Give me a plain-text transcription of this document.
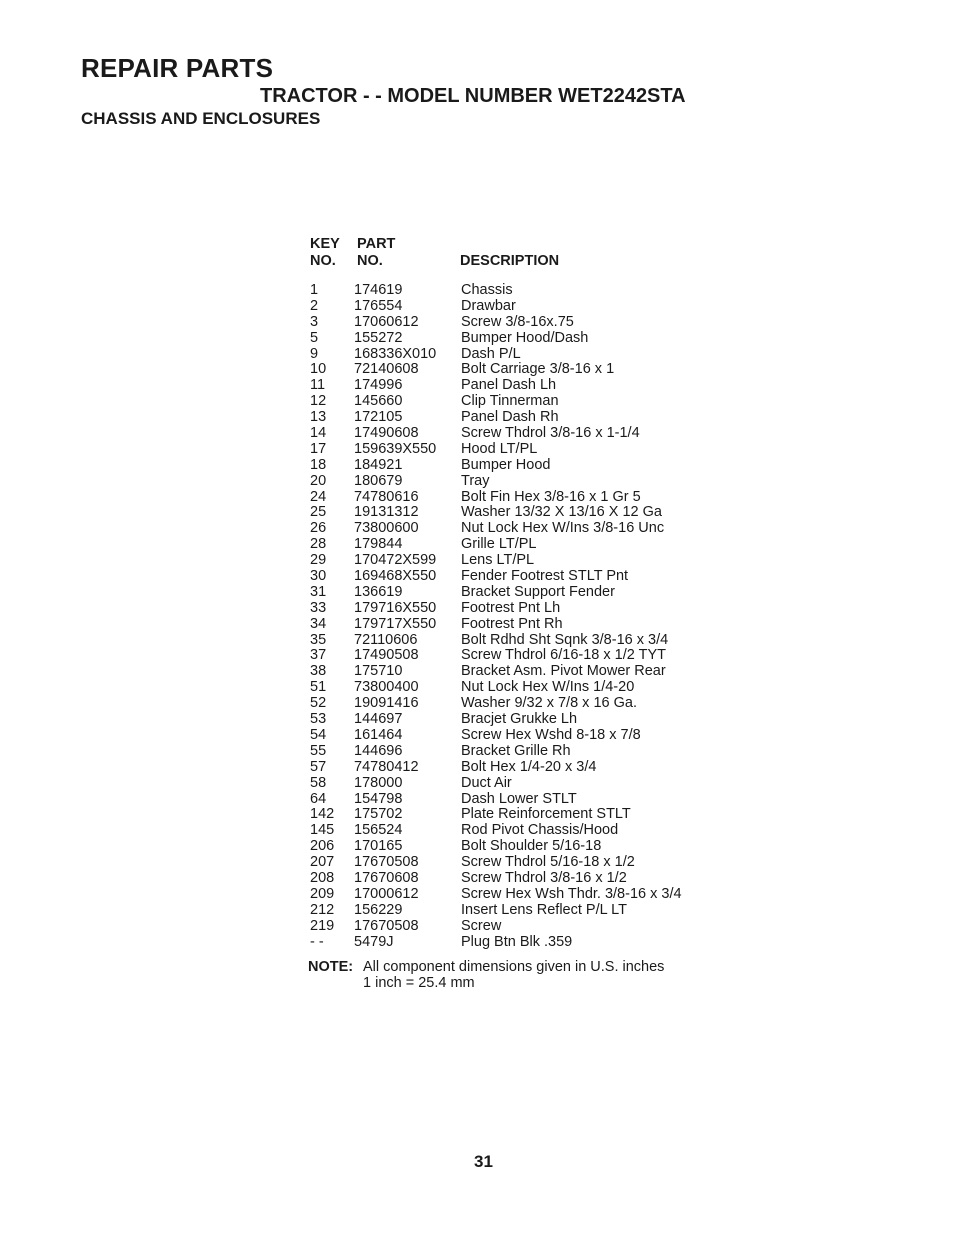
REPAIR PARTS
TRACTOR - - MODEL NUMBER WET2242STA
CHASSIS AND ENCLOSURES
KEY
NO.
PART
NO.	DESCRIPTION
1 174619	Chassis
2 176554	Drawbar
3 17060612	Screw 3/8-16x.75
5 155272	Bumper Hood/Dash
9 168336X010 Dash P/L
10 72140608	Bolt Carriage 3/8-16 x 1
11 174996	Panel Dash Lh
12 145660	Clip Tinnerman
13 172105	Panel Dash Rh
14 17490608	Screw Thdrol 3/8-16 x 1-1/4
17 159639X550 Hood LT/PL
18 184921	Bumper Hood
20 180679	Tray
24 74780616	Bolt Fin Hex 3/8-16 x 1 Gr 5
25 19131312	Washer 13/32 X 13/16 X 12 Ga
26 73800600	Nut Lock Hex W/Ins 3/8-16 Unc
28 179844	Grille LT/PL
29 170472X599 Lens LT/PL
30 169468X550 Fender Footrest STLT Pnt
31 136619	Bracket Support Fender
33 179716X550 Footrest Pnt Lh
34 179717X550 Footrest Pnt Rh
35 72110606	Bolt Rdhd Sht Sqnk 3/8-16 x 3/4
37 17490508	Screw Thdrol 6/16-18 x 1/2 TYT
38 175710	Bracket Asm. Pivot Mower Rear
51 73800400	Nut Lock Hex W/Ins 1/4-20
52 19091416	Washer 9/32 x 7/8 x 16 Ga.
53 144697	Bracjet Grukke Lh
54 161464	Screw Hex Wshd 8-18 x 7/8
55 144696	Bracket Grille Rh
57 74780412	Bolt Hex 1/4-20 x 3/4
58 178000	Duct Air
64 154798	Dash Lower STLT
142 175702	Plate Reinforcement STLT
145 156524	Rod Pivot Chassis/Hood
206 170165	Bolt Shoulder 5/16-18
207 17670508	Screw Thdrol 5/16-18 x 1/2
208 17670608	Screw Thdrol 3/8-16 x 1/2
209 17000612	Screw Hex Wsh Thdr. 3/8-16 x 3/4
212 156229	Insert Lens Reflect P/L LT
219 17670508	Screw
- - 5479J	Plug Btn Blk .359
NOTE: All component dimensions given in U.S. inches
1 inch = 25.4 mm
31
